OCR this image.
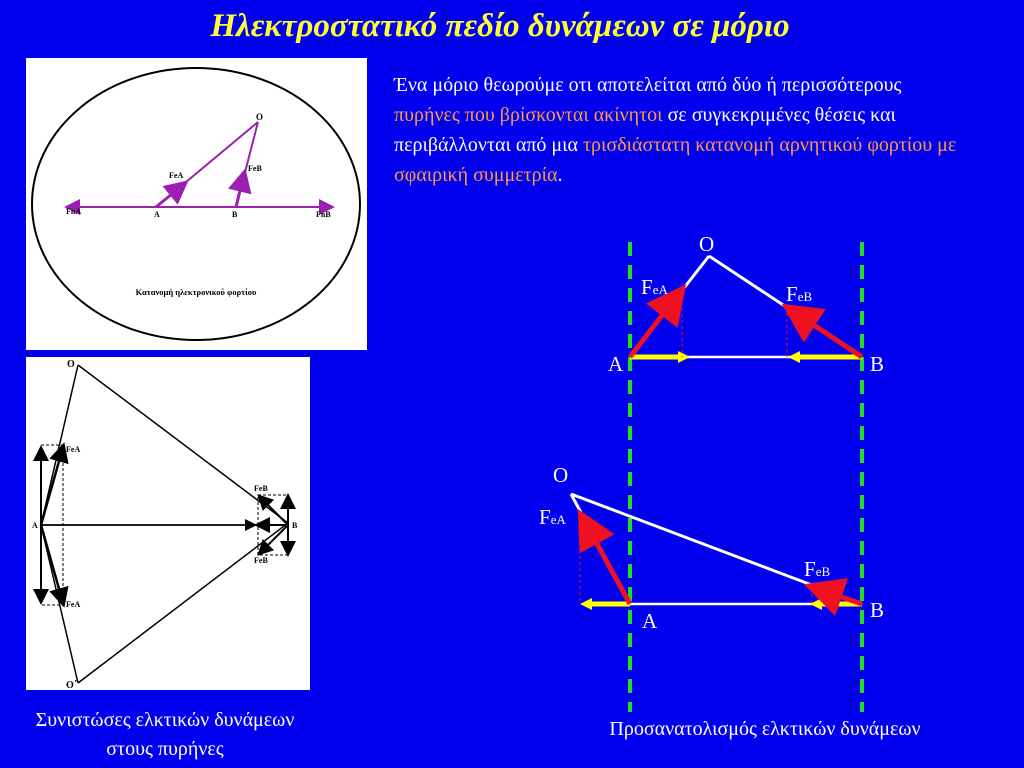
Ηλεκτροστατικό πεδίο δυνάμεων σε μόριο
O
A	B
FeA
FeB
FnA	FnB
Κατανομή ηλεκτρονικού φορτίου
O
O΄
A	B
FeA
FeA
FeB
FeB
Ένα μόριο θεωρούμε οτι αποτελείται από δύο ή περισσότερους πυρήνες που βρίσκονται ακίνητοι σε συγκεκριμένες θέσεις και περιβάλλονται από μια τρισδιάστατη κατανομή αρνητικού φορτίου με σφαιρική συμμετρία.
O
A	B
FeA	FeB
O
A	B
FeA
FeB
Συνιστώσες ελκτικών δυνάμεων στους πυρήνες
Προσανατολισμός ελκτικών δυνάμεων
